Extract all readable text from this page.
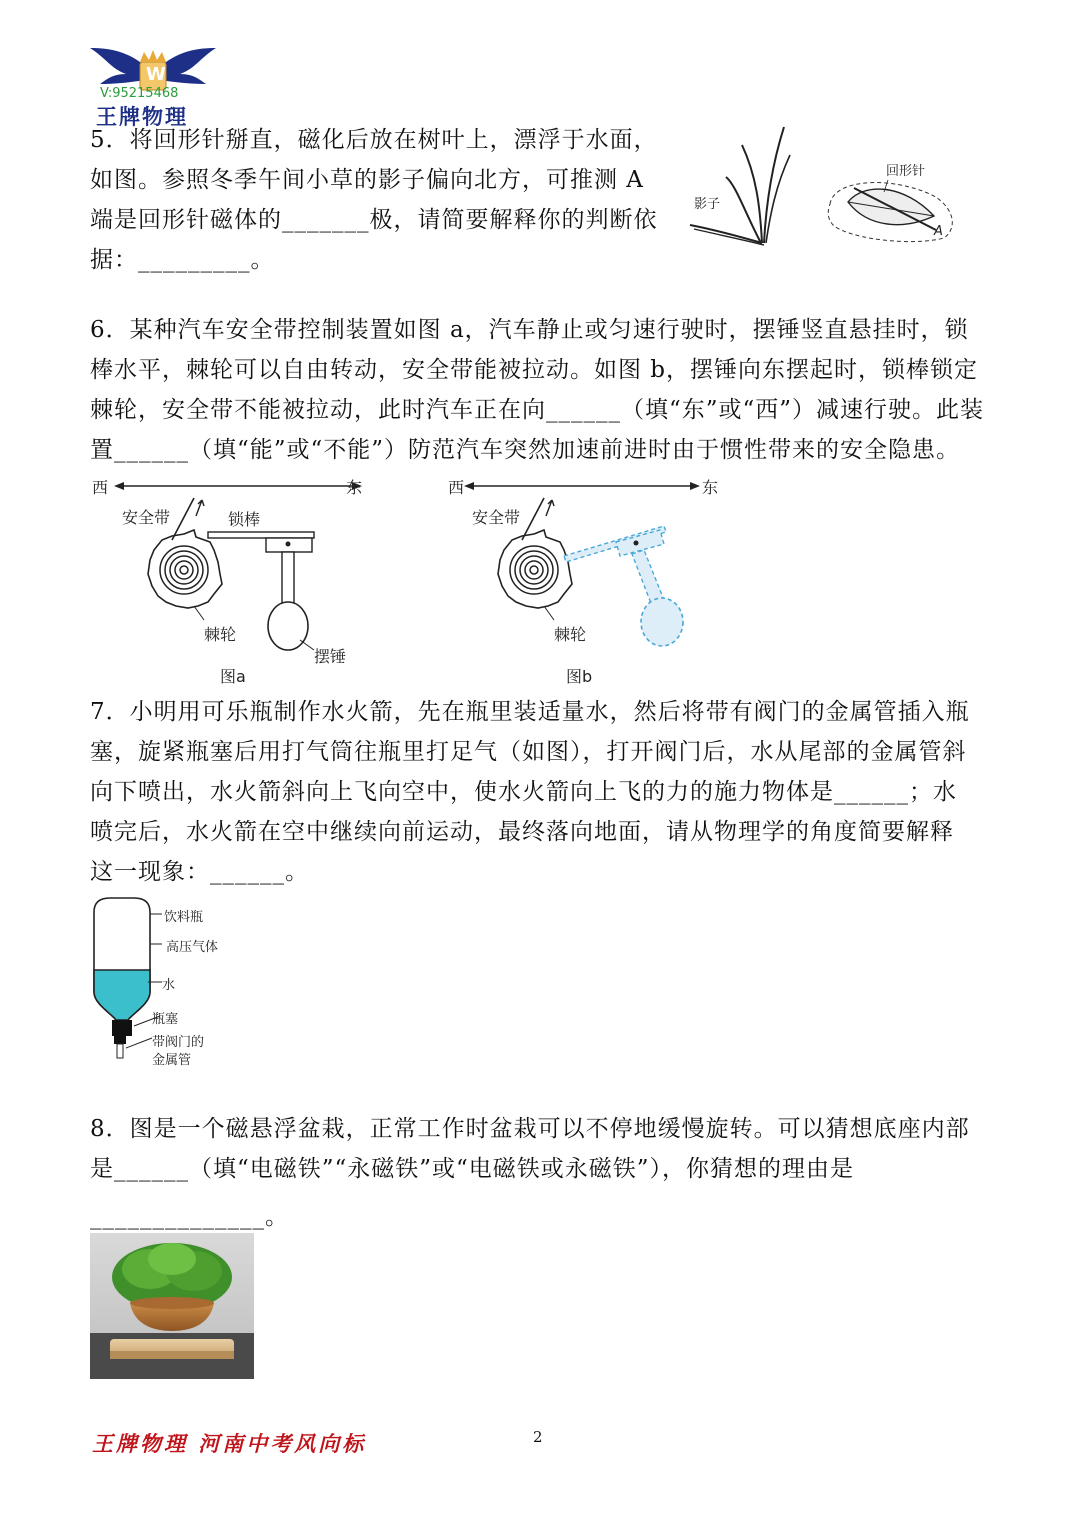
W
V:95215468
王牌物理
5．将回形针掰直，磁化后放在树叶上，漂浮于水面，
如图。参照冬季午间小草的影子偏向北方，可推测 A
端是回形针磁体的_______极，请简要解释你的判断依
据：_________。
影子
回形针
A
6．某种汽车安全带控制装置如图 a，汽车静止或匀速行驶时，摆锤竖直悬挂时，锁
棒水平，棘轮可以自由转动，安全带能被拉动。如图 b，摆锤向东摆起时，锁棒锁定
棘轮，安全带不能被拉动，此时汽车正在向______（填“东”或“西”）减速行驶。此装
置______（填“能”或“不能”）防范汽车突然加速前进时由于惯性带来的安全隐患。
西	东
安全带	锁棒
棘轮
摆锤
图a
西	东
安全带
棘轮
图b
7．小明用可乐瓶制作水火箭，先在瓶里装适量水，然后将带有阀门的金属管插入瓶
塞，旋紧瓶塞后用打气筒往瓶里打足气（如图），打开阀门后，水从尾部的金属管斜
向下喷出，水火箭斜向上飞向空中，使水火箭向上飞的力的施力物体是______；水
喷完后，水火箭在空中继续向前运动，最终落向地面，请从物理学的角度简要解释
这一现象：______。
饮料瓶
高压气体
水
瓶塞
带阀门的
金属管
8．图是一个磁悬浮盆栽，正常工作时盆栽可以不停地缓慢旋转。可以猜想底座内部
是______（填“电磁铁”“永磁铁”或“电磁铁或永磁铁”），你猜想的理由是
______________。
王牌物理 河南中考风向标	2
